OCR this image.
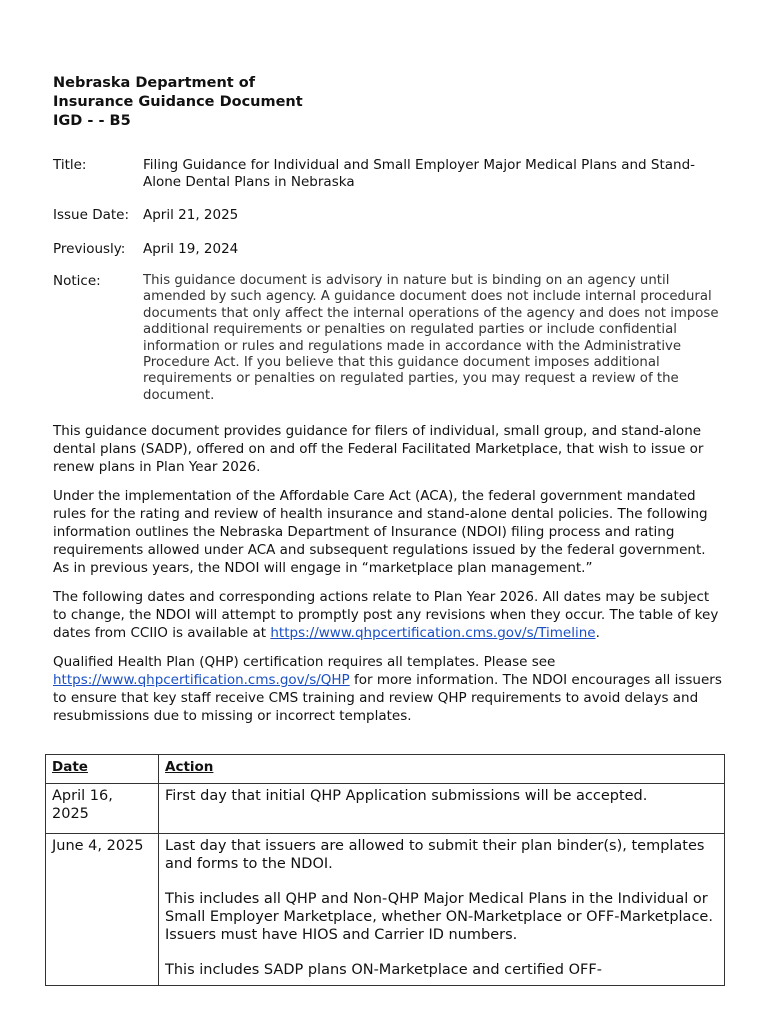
Nebraska Department of
Insurance Guidance Document
IGD - - B5
Title:	Filing Guidance for Individual and Small Employer Major Medical Plans and Stand-Alone Dental Plans in Nebraska
Issue Date:	April 21, 2025
Previously:	April 19, 2024
Notice:	This guidance document is advisory in nature but is binding on an agency until amended by such agency. A guidance document does not include internal procedural documents that only affect the internal operations of the agency and does not impose additional requirements or penalties on regulated parties or include confidential information or rules and regulations made in accordance with the Administrative Procedure Act. If you believe that this guidance document imposes additional requirements or penalties on regulated parties, you may request a review of the document.

This guidance document provides guidance for filers of individual, small group, and stand-alone dental plans (SADP), offered on and off the Federal Facilitated Marketplace, that wish to issue or renew plans in Plan Year 2026.

Under the implementation of the Affordable Care Act (ACA), the federal government mandated rules for the rating and review of health insurance and stand-alone dental policies. The following information outlines the Nebraska Department of Insurance (NDOI) filing process and rating requirements allowed under ACA and subsequent regulations issued by the federal government. As in previous years, the NDOI will engage in “marketplace plan management.”

The following dates and corresponding actions relate to Plan Year 2026. All dates may be subject to change, the NDOI will attempt to promptly post any revisions when they occur. The table of key dates from CCIIO is available at https://www.qhpcertification.cms.gov/s/Timeline.

Qualified Health Plan (QHP) certification requires all templates. Please see https://www.qhpcertification.cms.gov/s/QHP for more information. The NDOI encourages all issuers to ensure that key staff receive CMS training and review QHP requirements to avoid delays and resubmissions due to missing or incorrect templates.

Date	Action

April 16, 2025	First day that initial QHP Application submissions will be accepted.

June 4, 2025	Last day that issuers are allowed to submit their plan binder(s), templates and forms to the NDOI.

This includes all QHP and Non-QHP Major Medical Plans in the Individual or Small Employer Marketplace, whether ON-Marketplace or OFF-Marketplace. Issuers must have HIOS and Carrier ID numbers.

This includes SADP plans ON-Marketplace and certified OFF-
